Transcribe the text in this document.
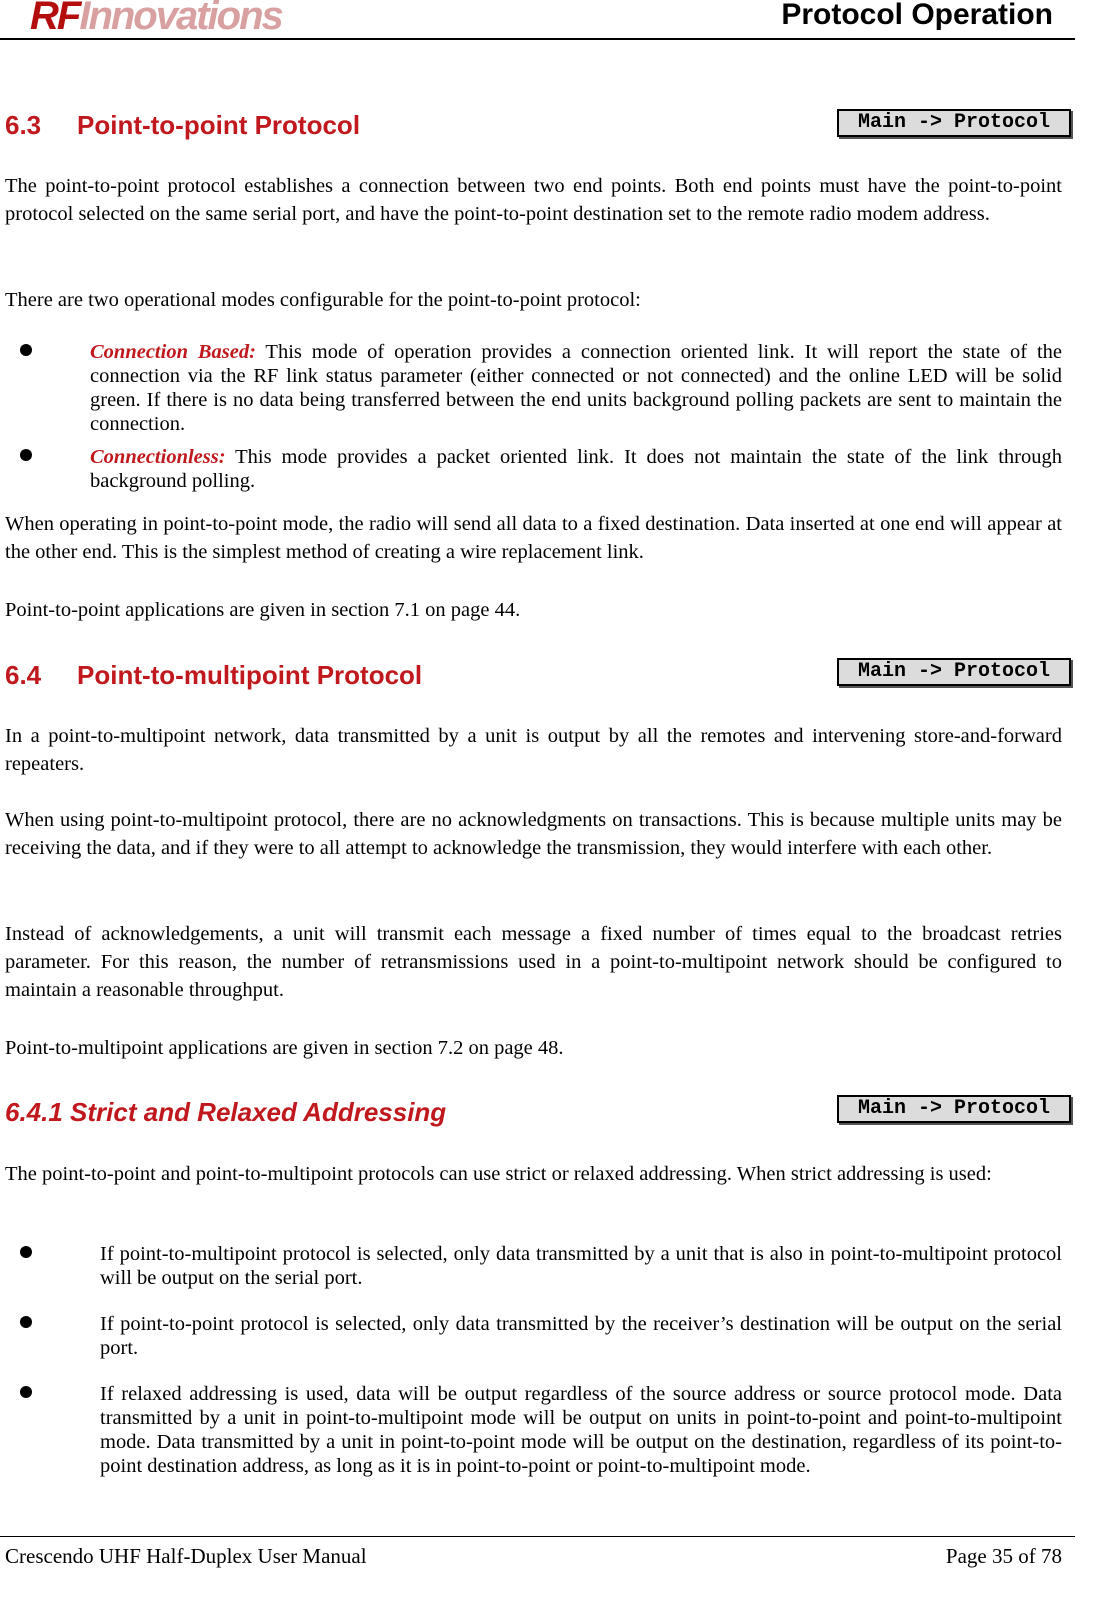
RFInnovations	Protocol Operation
6.3 Point-to-point Protocol	Main -> Protocol

The point-to-point protocol establishes a connection between two end points. Both end points must have the point-to-point protocol selected on the same serial port, and have the point-to-point destination set to the remote radio modem address.

There are two operational modes configurable for the point-to-point protocol:

Connection Based: This mode of operation provides a connection oriented link. It will report the state of the connection via the RF link status parameter (either connected or not connected) and the online LED will be solid green. If there is no data being transferred between the end units background polling packets are sent to maintain the connection.
Connectionless: This mode provides a packet oriented link. It does not maintain the state of the link through background polling.

When operating in point-to-point mode, the radio will send all data to a fixed destination. Data inserted at one end will appear at the other end. This is the simplest method of creating a wire replacement link.

Point-to-point applications are given in section 7.1 on page 44.

6.4 Point-to-multipoint Protocol	Main -> Protocol

In a point-to-multipoint network, data transmitted by a unit is output by all the remotes and intervening store-and-forward repeaters.

When using point-to-multipoint protocol, there are no acknowledgments on transactions. This is because multiple units may be receiving the data, and if they were to all attempt to acknowledge the transmission, they would interfere with each other.

Instead of acknowledgements, a unit will transmit each message a fixed number of times equal to the broadcast retries parameter. For this reason, the number of retransmissions used in a point-to-multipoint network should be configured to maintain a reasonable throughput.

Point-to-multipoint applications are given in section 7.2 on page 48.

6.4.1 Strict and Relaxed Addressing	Main -> Protocol

The point-to-point and point-to-multipoint protocols can use strict or relaxed addressing. When strict addressing is used:

If point-to-multipoint protocol is selected, only data transmitted by a unit that is also in point-to-multipoint protocol will be output on the serial port.
If point-to-point protocol is selected, only data transmitted by the receiver’s destination will be output on the serial port.
If relaxed addressing is used, data will be output regardless of the source address or source protocol mode. Data transmitted by a unit in point-to-multipoint mode will be output on units in point-to-point and point-to-multipoint mode. Data transmitted by a unit in point-to-point mode will be output on the destination, regardless of its point-to-point destination address, as long as it is in point-to-point or point-to-multipoint mode.
Crescendo UHF Half-Duplex User Manual	Page 35 of 78
